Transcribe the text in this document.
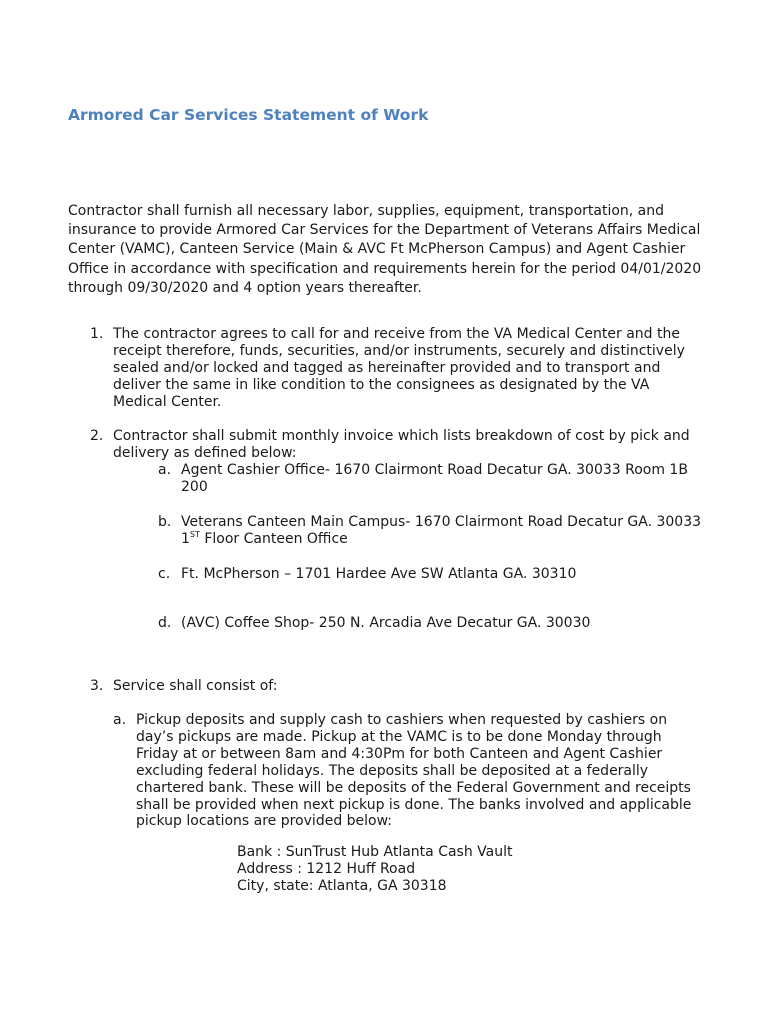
Armored Car Services Statement of Work
Contractor shall furnish all necessary labor, supplies, equipment, transportation, and
insurance to provide Armored Car Services for the Department of Veterans Affairs Medical
Center (VAMC), Canteen Service (Main & AVC Ft McPherson Campus) and Agent Cashier
Office in accordance with specification and requirements herein for the period 04/01/2020
through 09/30/2020 and 4 option years thereafter.
1. The contractor agrees to call for and receive from the VA Medical Center and the
receipt therefore, funds, securities, and/or instruments, securely and distinctively
sealed and/or locked and tagged as hereinafter provided and to transport and
deliver the same in like condition to the consignees as designated by the VA
Medical Center.
2. Contractor shall submit monthly invoice which lists breakdown of cost by pick and
delivery as defined below:
a. Agent Cashier Office- 1670 Clairmont Road Decatur GA. 30033 Room 1B
200
b. Veterans Canteen Main Campus- 1670 Clairmont Road Decatur GA. 30033
1ST Floor Canteen Office
c. Ft. McPherson – 1701 Hardee Ave SW Atlanta GA. 30310
d. (AVC) Coffee Shop- 250 N. Arcadia Ave Decatur GA. 30030
3. Service shall consist of:
a. Pickup deposits and supply cash to cashiers when requested by cashiers on
day’s pickups are made. Pickup at the VAMC is to be done Monday through
Friday at or between 8am and 4:30Pm for both Canteen and Agent Cashier
excluding federal holidays. The deposits shall be deposited at a federally
chartered bank. These will be deposits of the Federal Government and receipts
shall be provided when next pickup is done. The banks involved and applicable
pickup locations are provided below:
Bank : SunTrust Hub Atlanta Cash Vault
Address : 1212 Huff Road
City, state: Atlanta, GA 30318
